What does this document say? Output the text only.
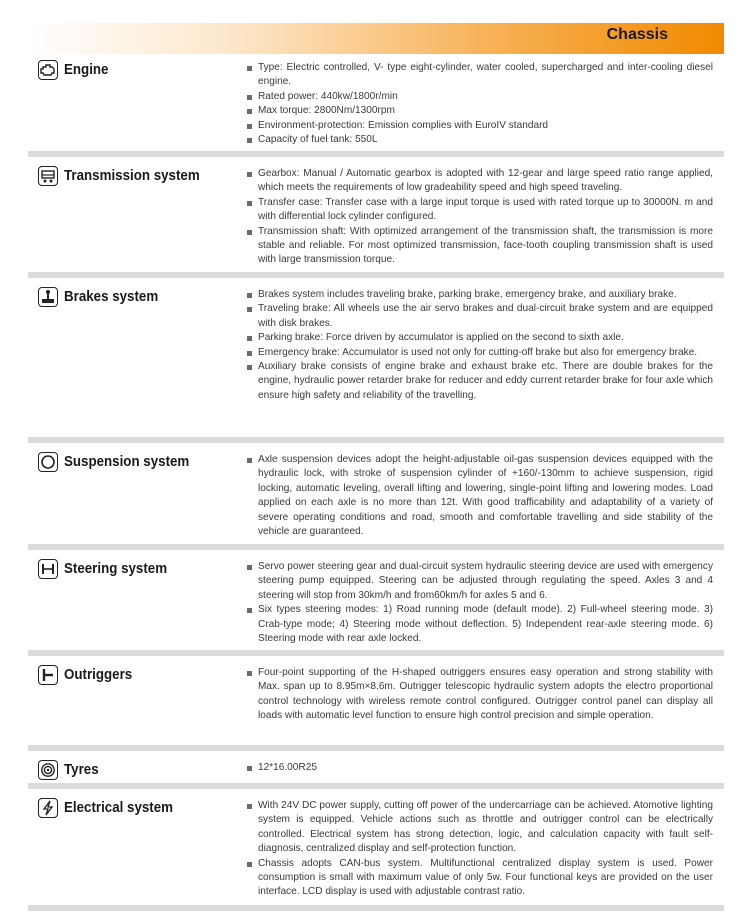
Chassis
Engine	Type: Electric controlled, V- type eight-cylinder, water cooled, supercharged and inter-cooling diesel engine.
Rated power: 440kw/1800r/min
Max torque: 2800Nm/1300rpm
Environment-protection: Emission complies with EuroIV standard
Capacity of fuel tank: 550L
Transmission system	Gearbox: Manual / Automatic gearbox is adopted with 12-gear and large speed ratio range applied, which meets the requirements of low gradeability speed and high speed traveling.
Transfer case: Transfer case with a large input torque is used with rated torque up to 30000N. m and with differential lock cylinder configured.
Transmission shaft: With optimized arrangement of the transmission shaft, the transmission is more stable and reliable. For most optimized transmission, face-tooth coupling transmission shaft is used with large transmission torque.
Brakes system	Brakes system includes traveling brake, parking brake, emergency brake, and auxiliary brake.
Traveling brake: All wheels use the air servo brakes and dual-circuit brake system and are equipped with disk brakes.
Parking brake: Force driven by accumulator is applied on the second to sixth axle.
Emergency brake: Accumulator is used not only for cutting-off brake but also for emergency brake.
Auxiliary brake consists of engine brake and exhaust brake etc. There are double brakes for the engine, hydraulic power retarder brake for reducer and eddy current retarder brake for four axle which ensure high safety and reliability of the travelling.
Suspension system	Axle suspension devices adopt the height-adjustable oil-gas suspension devices equipped with the hydraulic lock, with stroke of suspension cylinder of +160/-130mm to achieve suspension, rigid locking, automatic leveling, overall lifting and lowering, single-point lifting and lowering modes. Load applied on each axle is no more than 12t. With good trafficability and adaptability of a variety of severe operating conditions and road, smooth and comfortable travelling and side stability of the vehicle are guaranteed.
Steering system	Servo power steering gear and dual-circuit system hydraulic steering device are used with emergency steering pump equipped. Steering can be adjusted through regulating the speed. Axles 3 and 4 steering will stop from 30km/h and from60km/h for axles 5 and 6.
Six types steering modes: 1) Road running mode (default mode). 2) Full-wheel steering mode. 3) Crab-type mode; 4) Steering mode without deflection. 5) Independent rear-axle steering mode. 6) Steering mode with rear axle locked.
Outriggers	Four-point supporting of the H-shaped outriggers ensures easy operation and strong stability with Max. span up to 8.95m×8.6m. Outrigger telescopic hydraulic system adopts the electro proportional control technology with wireless remote control configured. Outrigger control panel can display all loads with automatic level function to ensure high control precision and simple operation.
Tyres	12*16.00R25
Electrical system	With 24V DC power supply, cutting off power of the undercarriage can be achieved. Atomotive lighting system is equipped. Vehicle actions such as throttle and outrigger control can be electrically controlled. Electrical system has strong detection, logic, and calculation capacity with fault self-diagnosis, centralized display and self-protection function.
Chassis adopts CAN-bus system. Multifunctional centralized display system is used. Power consumption is small with maximum value of only 5w. Four functional keys are provided on the user interface. LCD display is used with adjustable contrast ratio.
